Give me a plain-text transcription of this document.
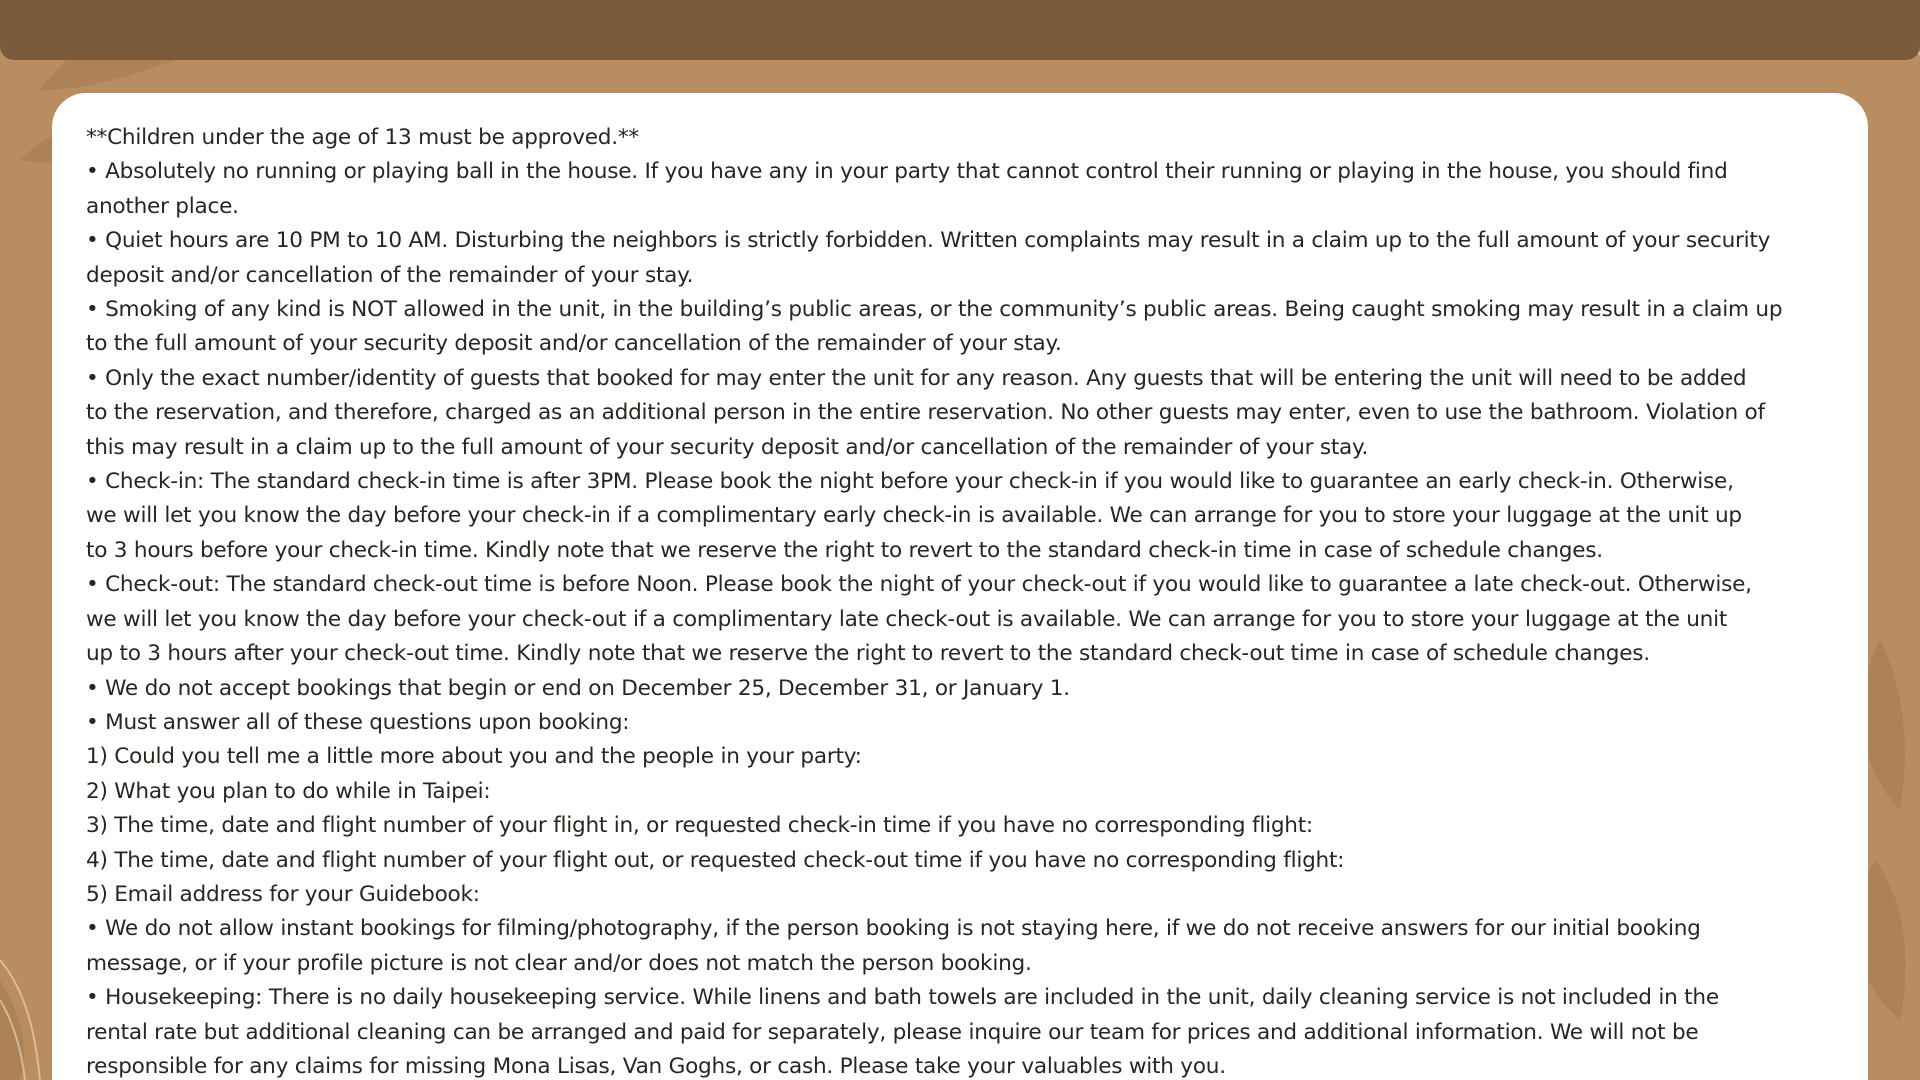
**Children under the age of 13 must be approved.**
• Absolutely no running or playing ball in the house. If you have any in your party that cannot control their running or playing in the house, you should find
another place.
• Quiet hours are 10 PM to 10 AM. Disturbing the neighbors is strictly forbidden. Written complaints may result in a claim up to the full amount of your security
deposit and/or cancellation of the remainder of your stay.
• Smoking of any kind is NOT allowed in the unit, in the building’s public areas, or the community’s public areas. Being caught smoking may result in a claim up
to the full amount of your security deposit and/or cancellation of the remainder of your stay.
• Only the exact number/identity of guests that booked for may enter the unit for any reason. Any guests that will be entering the unit will need to be added
to the reservation, and therefore, charged as an additional person in the entire reservation. No other guests may enter, even to use the bathroom. Violation of
this may result in a claim up to the full amount of your security deposit and/or cancellation of the remainder of your stay.
• Check-in: The standard check-in time is after 3PM. Please book the night before your check-in if you would like to guarantee an early check-in. Otherwise,
we will let you know the day before your check-in if a complimentary early check-in is available. We can arrange for you to store your luggage at the unit up
to 3 hours before your check-in time. Kindly note that we reserve the right to revert to the standard check-in time in case of schedule changes.
• Check-out: The standard check-out time is before Noon. Please book the night of your check-out if you would like to guarantee a late check-out. Otherwise,
we will let you know the day before your check-out if a complimentary late check-out is available. We can arrange for you to store your luggage at the unit
up to 3 hours after your check-out time. Kindly note that we reserve the right to revert to the standard check-out time in case of schedule changes.
• We do not accept bookings that begin or end on December 25, December 31, or January 1.
• Must answer all of these questions upon booking:
1) Could you tell me a little more about you and the people in your party:
2) What you plan to do while in Taipei:
3) The time, date and flight number of your flight in, or requested check-in time if you have no corresponding flight:
4) The time, date and flight number of your flight out, or requested check-out time if you have no corresponding flight:
5) Email address for your Guidebook:
• We do not allow instant bookings for filming/photography, if the person booking is not staying here, if we do not receive answers for our initial booking
message, or if your profile picture is not clear and/or does not match the person booking.
• Housekeeping: There is no daily housekeeping service. While linens and bath towels are included in the unit, daily cleaning service is not included in the
rental rate but additional cleaning can be arranged and paid for separately, please inquire our team for prices and additional information. We will not be
responsible for any claims for missing Mona Lisas, Van Goghs, or cash. Please take your valuables with you.
